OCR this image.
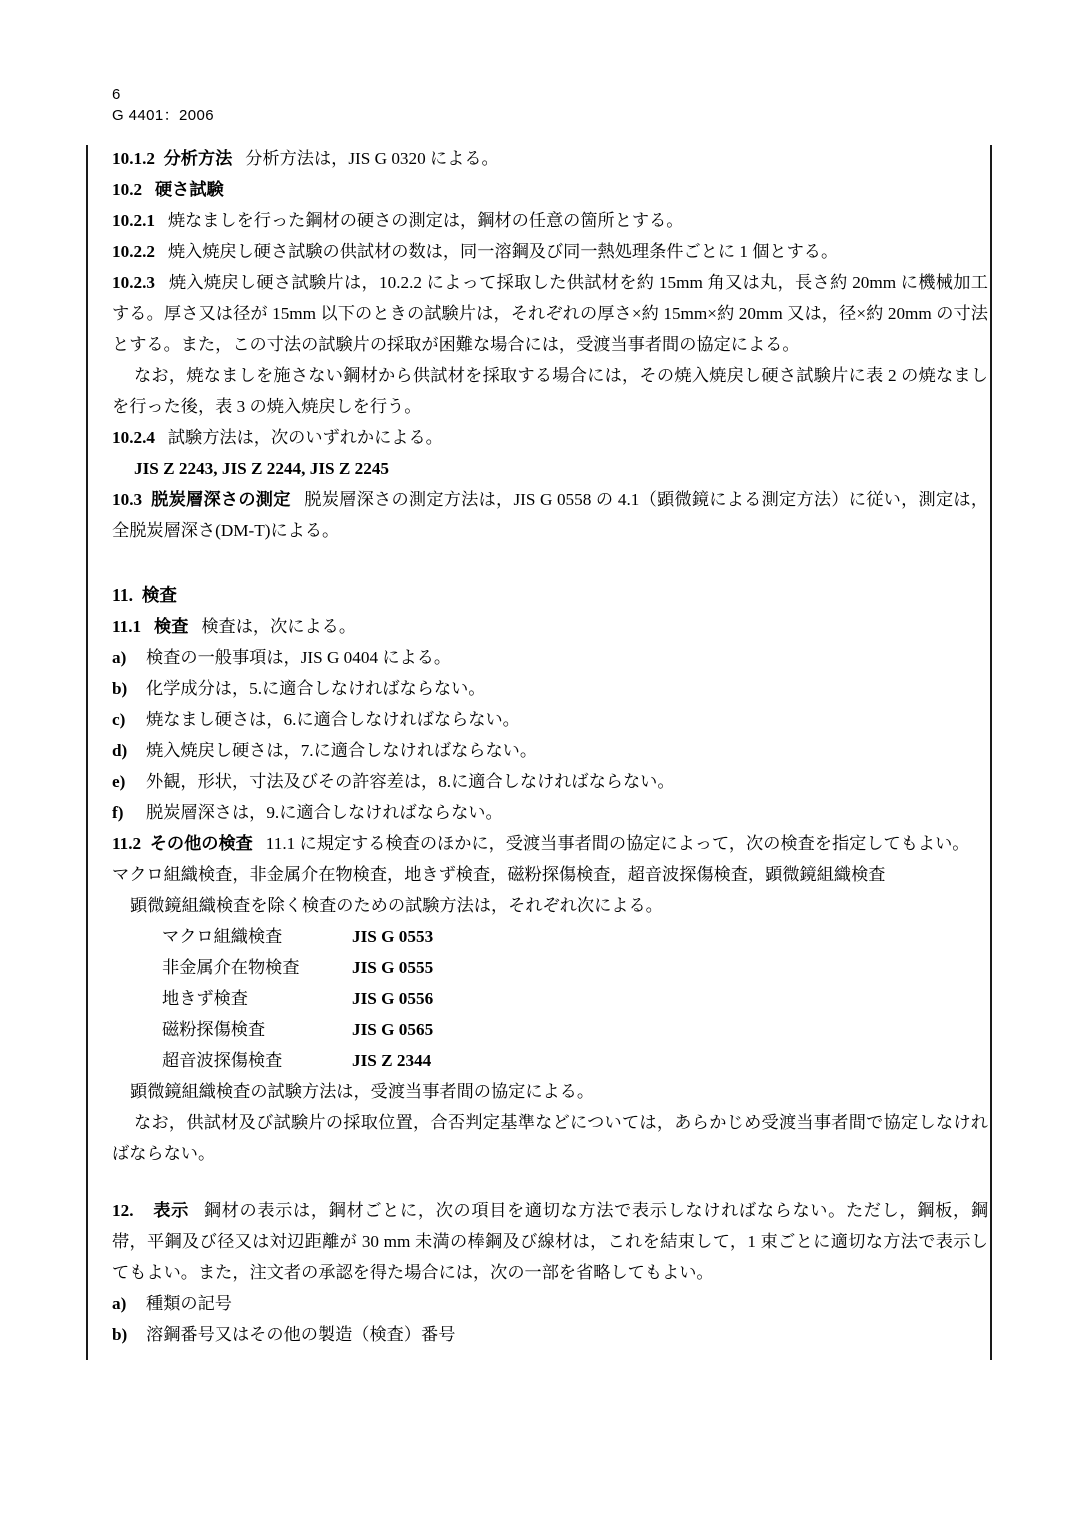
6

G 4401：2006

10.1.2 分析方法 分析方法は，JIS G 0320 による。

10.2 硬さ試験

10.2.1 焼なましを行った鋼材の硬さの測定は，鋼材の任意の箇所とする。

10.2.2 焼入焼戻し硬さ試験の供試材の数は，同一溶鋼及び同一熱処理条件ごとに 1 個とする。

10.2.3 焼入焼戻し硬さ試験片は，10.2.2 によって採取した供試材を約 15mm 角又は丸，長さ約 20mm に機械加工する。厚さ又は径が 15mm 以下のときの試験片は，それぞれの厚さ×約 15mm×約 20mm 又は，径×約 20mm の寸法とする。また，この寸法の試験片の採取が困難な場合には，受渡当事者間の協定による。

なお，焼なましを施さない鋼材から供試材を採取する場合には，その焼入焼戻し硬さ試験片に表 2 の焼なましを行った後，表 3 の焼入焼戻しを行う。

10.2.4 試験方法は，次のいずれかによる。

JIS Z 2243, JIS Z 2244, JIS Z 2245

10.3 脱炭層深さの測定 脱炭層深さの測定方法は，JIS G 0558 の 4.1（顕微鏡による測定方法）に従い，測定は，全脱炭層深さ(DM-T)による。

11. 検査

11.1 検査 検査は，次による。

a)	検査の一般事項は，JIS G 0404 による。
b)	化学成分は，5.に適合しなければならない。
c)	焼なまし硬さは，6.に適合しなければならない。
d)	焼入焼戻し硬さは，7.に適合しなければならない。
e)	外観，形状，寸法及びその許容差は，8.に適合しなければならない。
f)	脱炭層深さは，9.に適合しなければならない。

11.2 その他の検査 11.1 に規定する検査のほかに，受渡当事者間の協定によって，次の検査を指定してもよい。

マクロ組織検査，非金属介在物検査，地きず検査，磁粉探傷検査，超音波探傷検査，顕微鏡組織検査

顕微鏡組織検査を除く検査のための試験方法は，それぞれ次による。

マクロ組織検査	JIS G 0553
非金属介在物検査	JIS G 0555
地きず検査	JIS G 0556
磁粉探傷検査	JIS G 0565
超音波探傷検査	JIS Z 2344

顕微鏡組織検査の試験方法は，受渡当事者間の協定による。

なお，供試材及び試験片の採取位置，合否判定基準などについては，あらかじめ受渡当事者間で協定しなければならない。

12. 表示 鋼材の表示は，鋼材ごとに，次の項目を適切な方法で表示しなければならない。ただし，鋼板，鋼帯，平鋼及び径又は対辺距離が 30 mm 未満の棒鋼及び線材は，これを結束して，1 束ごとに適切な方法で表示してもよい。また，注文者の承認を得た場合には，次の一部を省略してもよい。

a)	種類の記号
b)	溶鋼番号又はその他の製造（検査）番号
